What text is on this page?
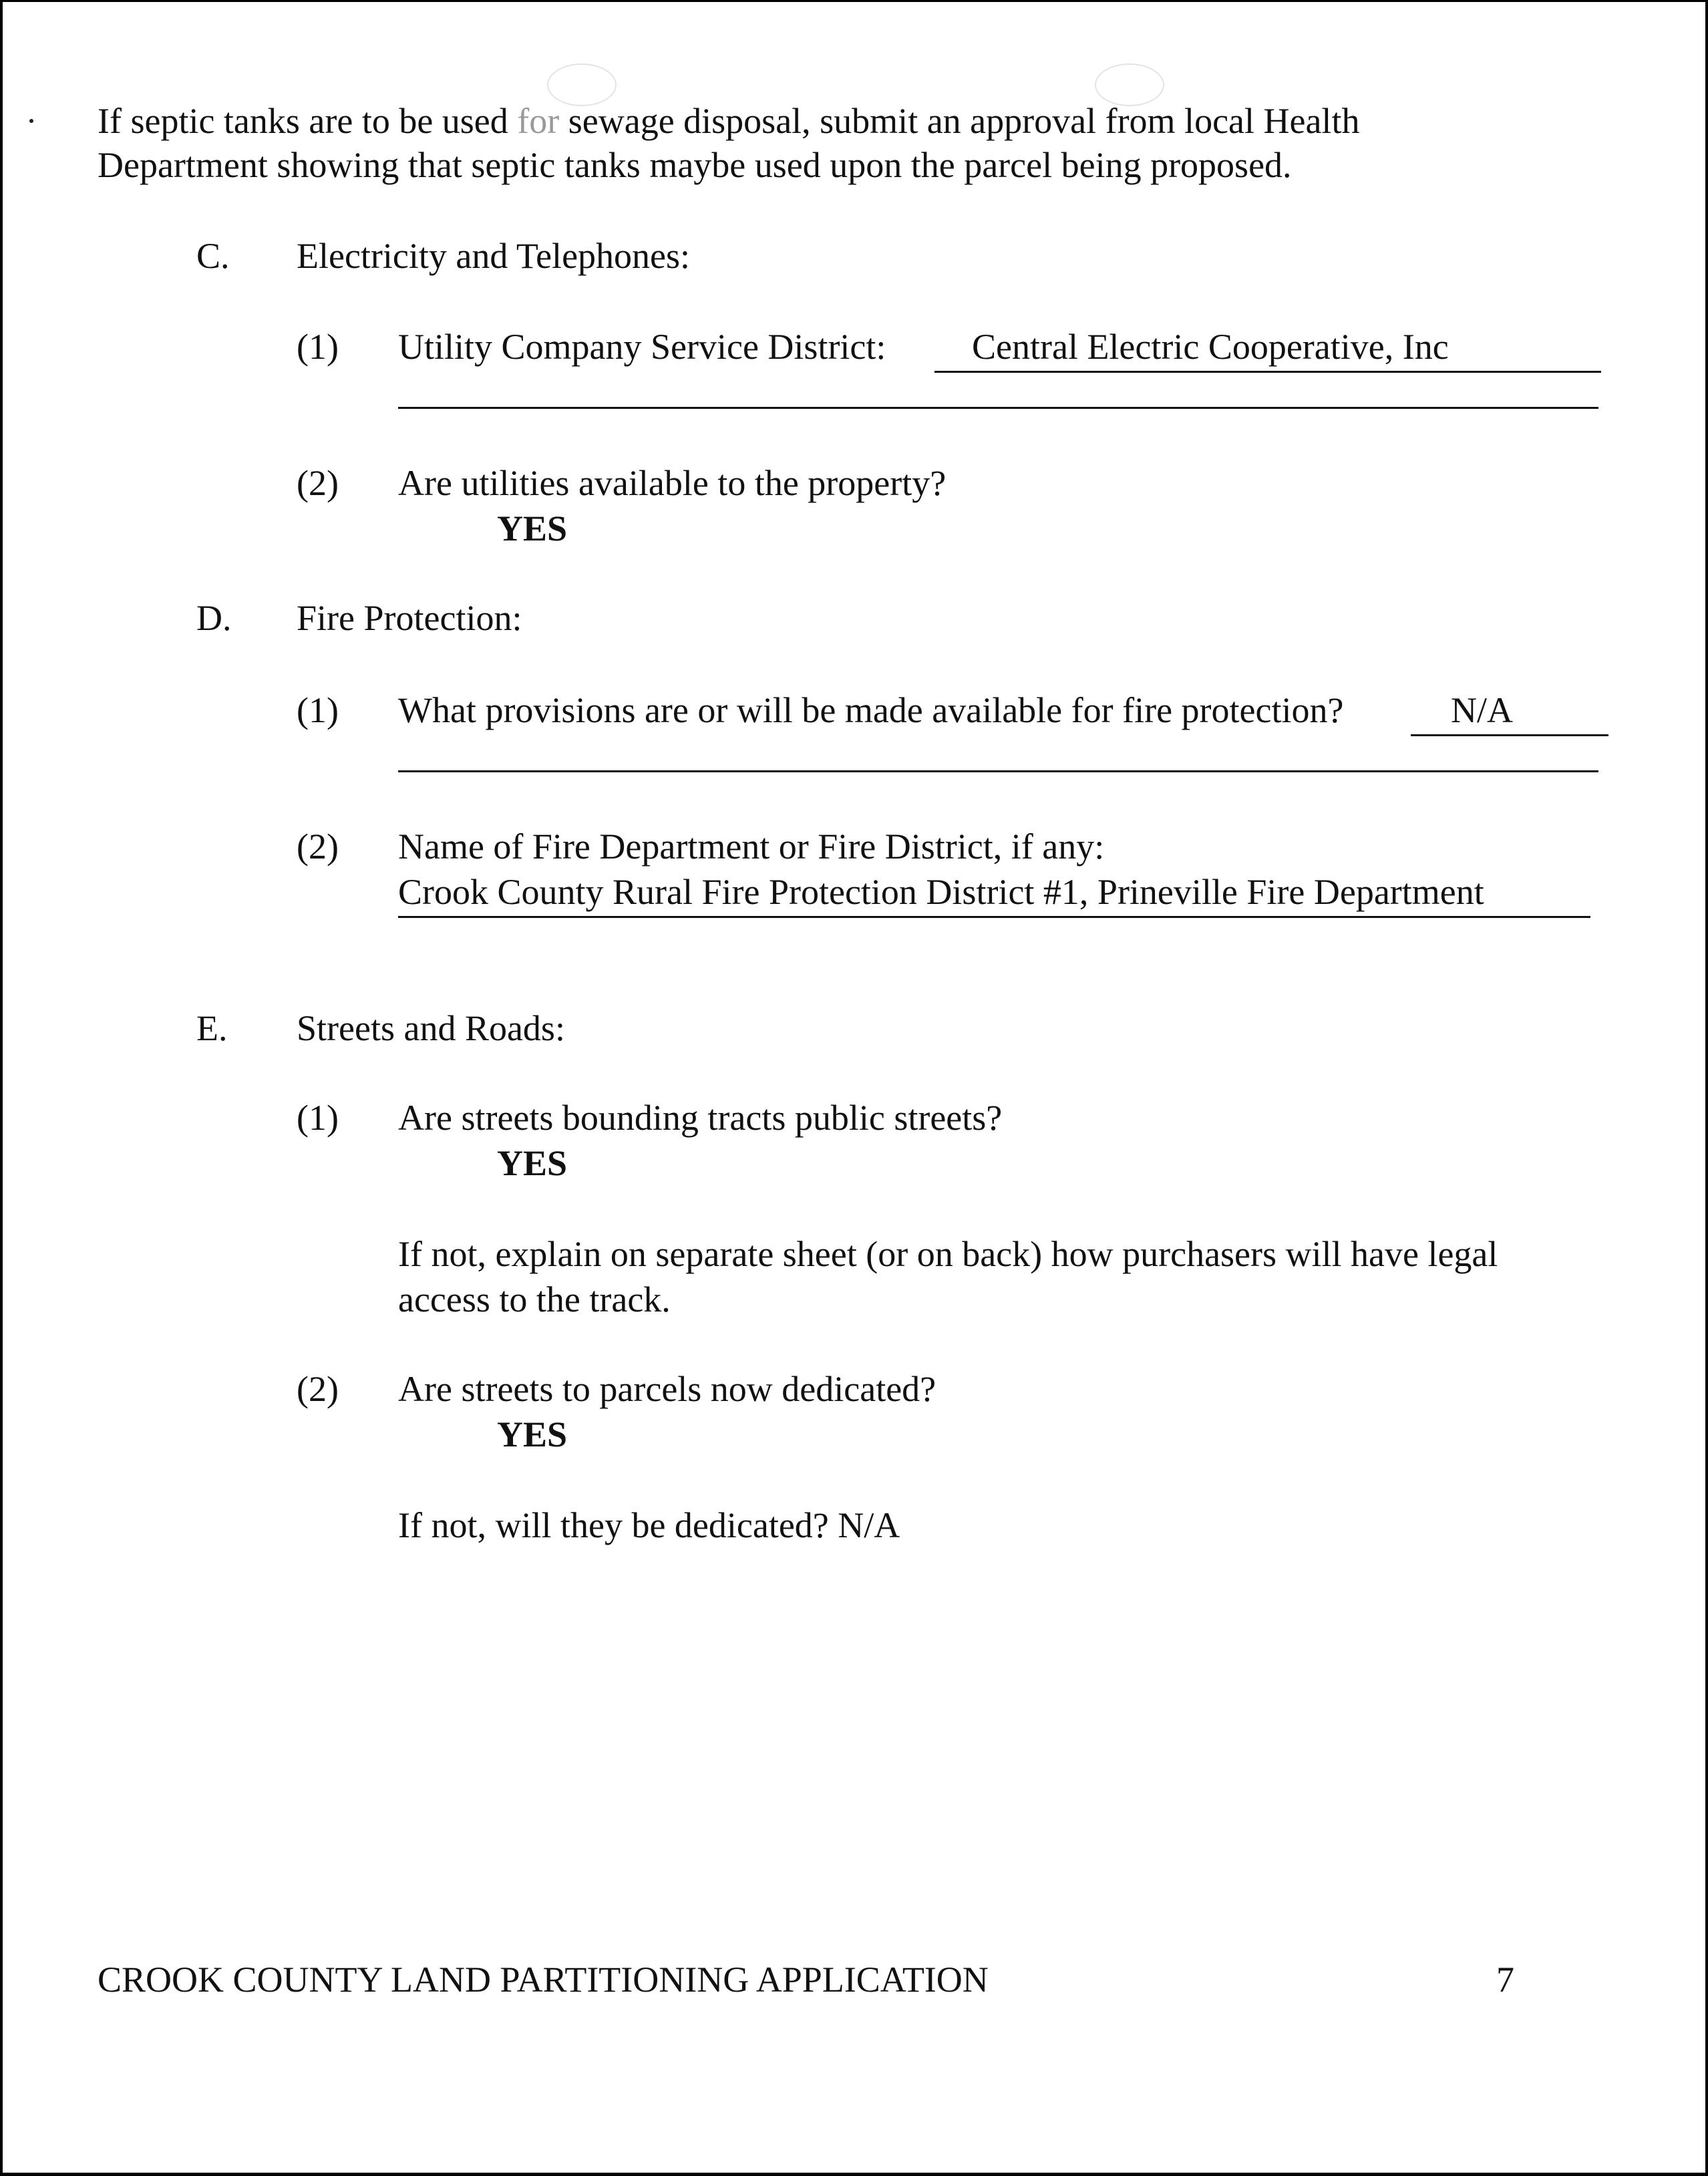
If septic tanks are to be used for sewage disposal, submit an approval from local Health
Department showing that septic tanks maybe used upon the parcel being proposed.
C. Electricity and Telephones:
(1) Utility Company Service District:	Central Electric Cooperative, Inc
(2) Are utilities available to the property?
YES
D. Fire Protection:
(1) What provisions are or will be made available for fire protection?	N/A
(2) Name of Fire Department or Fire District, if any:
Crook County Rural Fire Protection District #1, Prineville Fire Department
E. Streets and Roads:
(1) Are streets bounding tracts public streets?
YES
If not, explain on separate sheet (or on back) how purchasers will have legal
access to the track.
(2) Are streets to parcels now dedicated?
YES
If not, will they be dedicated? N/A
CROOK COUNTY LAND PARTITIONING APPLICATION	7
